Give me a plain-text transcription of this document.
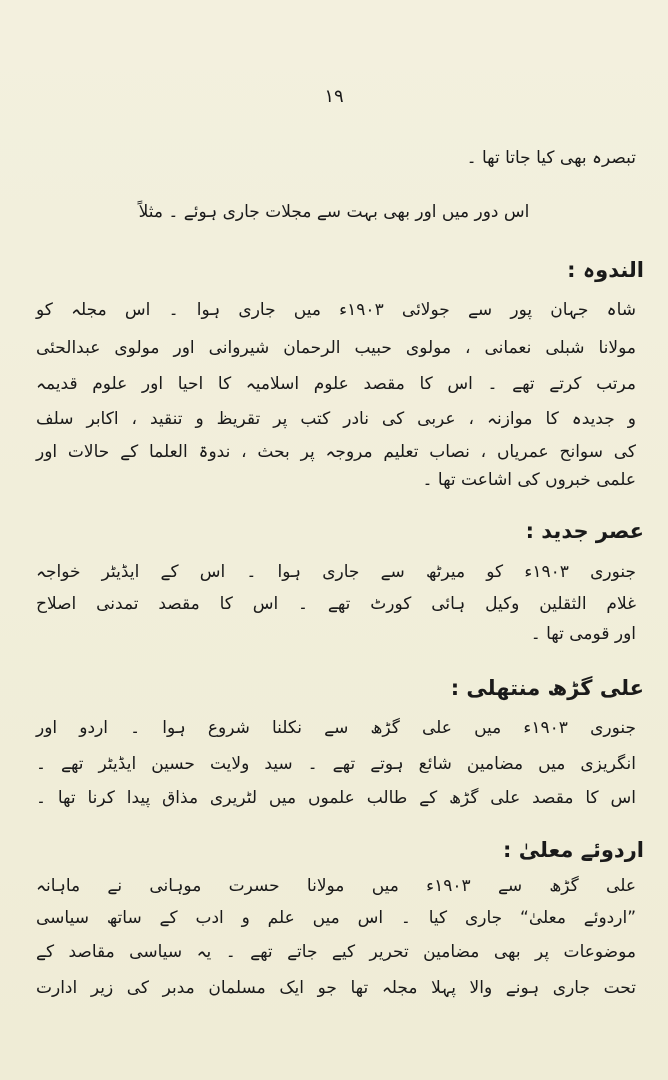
١٩
تبصرہ بھی کیا جاتا تھا ۔
اس دور میں اور بھی بہت سے مجلات جاری ہوئے ۔ مثلاً
الندوہ :
شاہ جہان پور سے جولائی ١٩٠٣ء میں جاری ہوا ۔ اس مجلہ کو
مولانا شبلی نعمانی ، مولوی حبیب الرحمان شیروانی اور مولوی عبدالحئی
مرتب کرتے تھے ۔ اس کا مقصد علوم اسلامیہ کا احیا اور علوم قدیمہ
و جدیدہ کا موازنہ ، عربی کی نادر کتب پر تقریظ و تنقید ، اکابر سلف
کی سوانح عمریاں ، نصاب تعلیم مروجہ پر بحث ، ندوۃ العلما کے حالات اور
علمی خبروں کی اشاعت تھا ۔
عصر جدید :
جنوری ١٩٠٣ء کو میرٹھ سے جاری ہوا ۔ اس کے ایڈیٹر خواجہ
غلام الثقلین وکیل ہائی کورٹ تھے ۔ اس کا مقصد تمدنی اصلاح
اور قومی تھا ۔
علی گڑھ منتھلی :
جنوری ١٩٠٣ء میں علی گڑھ سے نکلنا شروع ہوا ۔ اردو اور
انگریزی میں مضامین شائع ہوتے تھے ۔ سید ولایت حسین ایڈیٹر تھے ۔
اس کا مقصد علی گڑھ کے طالب علموں میں لٹریری مذاق پیدا کرنا تھا ۔
اردوئے معلیٰ :
علی گڑھ سے ١٩٠٣ء میں مولانا حسرت موہانی نے ماہانہ
”اردوئے معلیٰ“ جاری کیا ۔ اس میں علم و ادب کے ساتھ سیاسی
موضوعات پر بھی مضامین تحریر کیے جاتے تھے ۔ یہ سیاسی مقاصد کے
تحت جاری ہونے والا پہلا مجلہ تھا جو ایک مسلمان مدبر کی زیر ادارت
